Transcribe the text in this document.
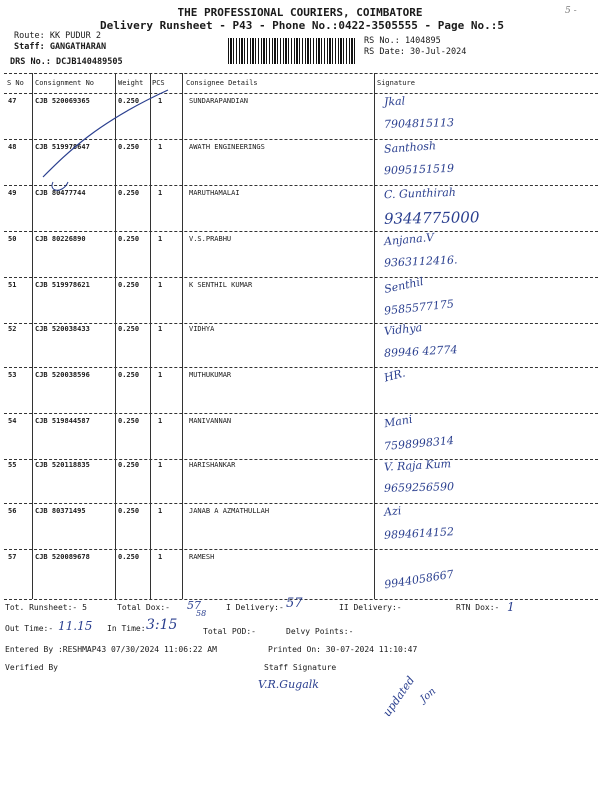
THE PROFESSIONAL COURIERS, COIMBATORE
Delivery Runsheet - P43 - Phone No.:0422-3505555 - Page No.:5
5 -
Route: KK PUDUR 2
Staff: GANGATHARAN
DRS No.: DCJB140489505
RS No.: 1404895
RS Date: 30-Jul-2024
S No Consignment No	Weight PCS	Consignee Details	Signature
47	CJB 520069365	0.250	1	SUNDARAPANDIAN	Jkal
7904815113
48	CJB 519978647	0.250	1	AWATH ENGINEERINGS	Santhosh
9095151519
49	CJB 80477744	0.250	1	MARUTHAMALAI	C. Gunthirah
9344775000
50	CJB 80226890	0.250	1	V.S.PRABHU	Anjana.V
9363112416.
51	CJB 519978621	0.250	1	K SENTHIL KUMAR	Senthil
9585577175
52	CJB 520038433	0.250	1	VIDHYA	Vidhya
89946 42774
53	CJB 520038596	0.250	1	MUTHUKUMAR	HR.
54	CJB 519844587	0.250	1	MANIVANNAN	Mani
7598998314
55	CJB 520118835	0.250	1	HARISHANKAR	V. Raja Kum
9659256590
56	CJB 80371495	0.250	1	JANAB A AZMATHULLAH	Azi
9894614152
57	CJB 520089678	0.250	1	RAMESH
9944058667
Tot. Runsheet:- 5	Total Dox:- 57
58
I Delivery:- 57	II Delivery:-	RTN Dox:- 1
Out Time:- 11.15 In Time: 3:15	Total POD:-	Delvy Points:-
Entered By :RESHMAP43 07/30/2024 11:06:22 AM	Printed On: 30-07-2024 11:10:47
Verified By	Staff Signature
V.R.Gugalk	updated Jon
